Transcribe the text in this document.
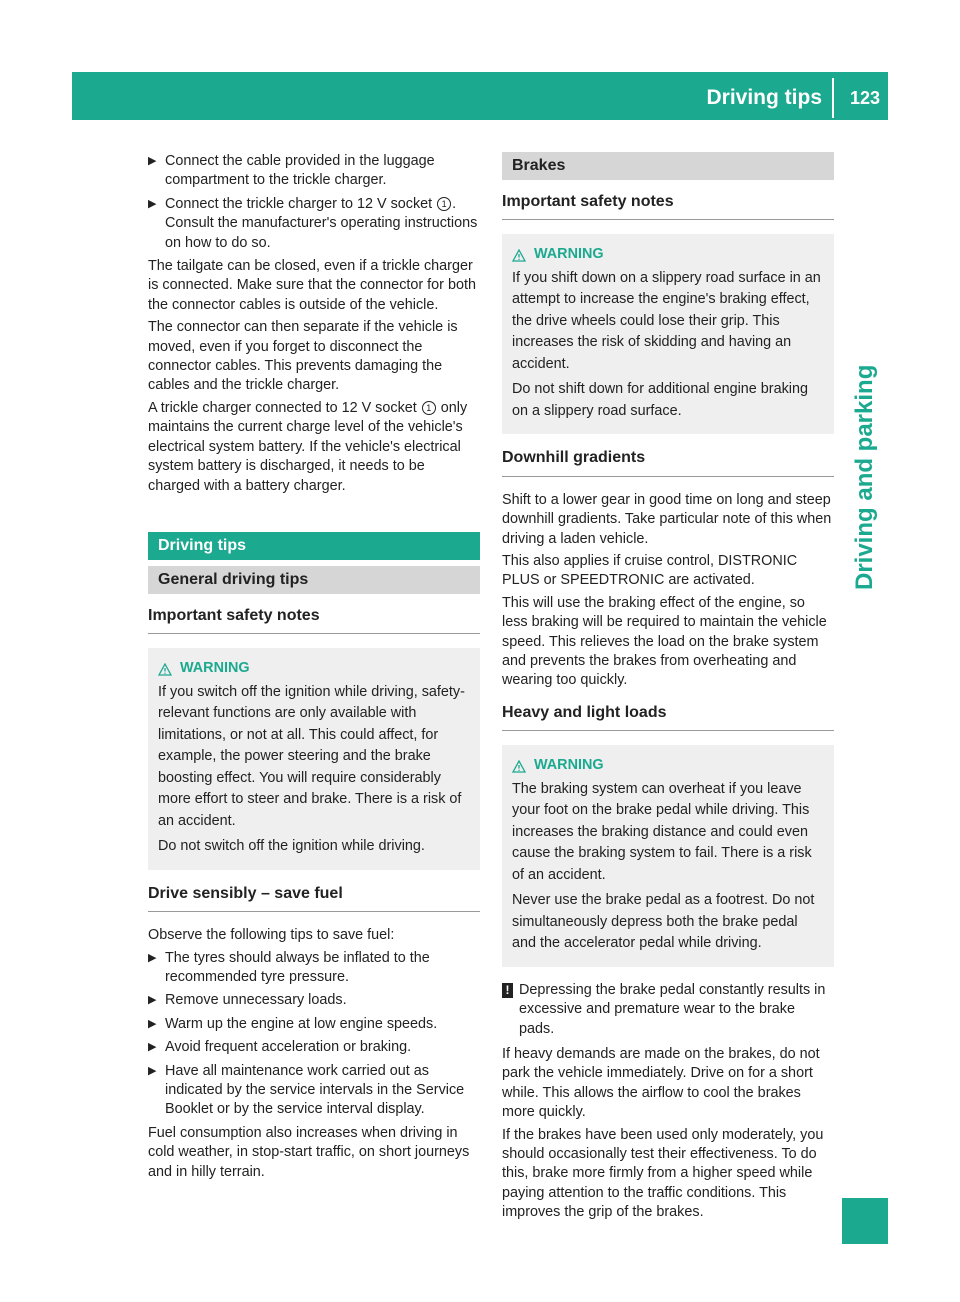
Driving tips 123
Driving and parking
▶ Connect the cable provided in the luggage compartment to the trickle charger.
▶ Connect the trickle charger to 12 V socket 1 . Consult the manufacturer's operating instructions on how to do so.

The tailgate can be closed, even if a trickle charger is connected. Make sure that the connector for both the connector cables is outside of the vehicle.

The connector can then separate if the vehicle is moved, even if you forget to disconnect the connector cables. This prevents damaging the cables and the trickle charger.

A trickle charger connected to 12 V socket 1 only maintains the current charge level of the vehicle's electrical system battery. If the vehicle's electrical system battery is discharged, it needs to be charged with a battery charger.

Driving tips
General driving tips
Important safety notes
WARNING

If you switch off the ignition while driving, safety-relevant functions are only available with limitations, or not at all. This could affect, for example, the power steering and the brake boosting effect. You will require considerably more effort to steer and brake. There is a risk of an accident.

Do not switch off the ignition while driving.

Drive sensibly – save fuel

Observe the following tips to save fuel:

▶ The tyres should always be inflated to the recommended tyre pressure.
▶ Remove unnecessary loads.
▶ Warm up the engine at low engine speeds.
▶ Avoid frequent acceleration or braking.
▶ Have all maintenance work carried out as indicated by the service intervals in the Service Booklet or by the service interval display.

Fuel consumption also increases when driving in cold weather, in stop-start traffic, on short journeys and in hilly terrain.

Brakes
Important safety notes
WARNING

If you shift down on a slippery road surface in an attempt to increase the engine's braking effect, the drive wheels could lose their grip. This increases the risk of skidding and having an accident.

Do not shift down for additional engine braking on a slippery road surface.

Downhill gradients

Shift to a lower gear in good time on long and steep downhill gradients. Take particular note of this when driving a laden vehicle.

This also applies if cruise control, DISTRONIC PLUS or SPEEDTRONIC are activated.

This will use the braking effect of the engine, so less braking will be required to maintain the vehicle speed. This relieves the load on the brake system and prevents the brakes from overheating and wearing too quickly.

Heavy and light loads
WARNING

The braking system can overheat if you leave your foot on the brake pedal while driving. This increases the braking distance and could even cause the braking system to fail. There is a risk of an accident.

Never use the brake pedal as a footrest. Do not simultaneously depress both the brake pedal and the accelerator pedal while driving.

! Depressing the brake pedal constantly results in excessive and premature wear to the brake pads.

If heavy demands are made on the brakes, do not park the vehicle immediately. Drive on for a short while. This allows the airflow to cool the brakes more quickly.

If the brakes have been used only moderately, you should occasionally test their effectiveness. To do this, brake more firmly from a higher speed while paying attention to the traffic conditions. This improves the grip of the brakes.
